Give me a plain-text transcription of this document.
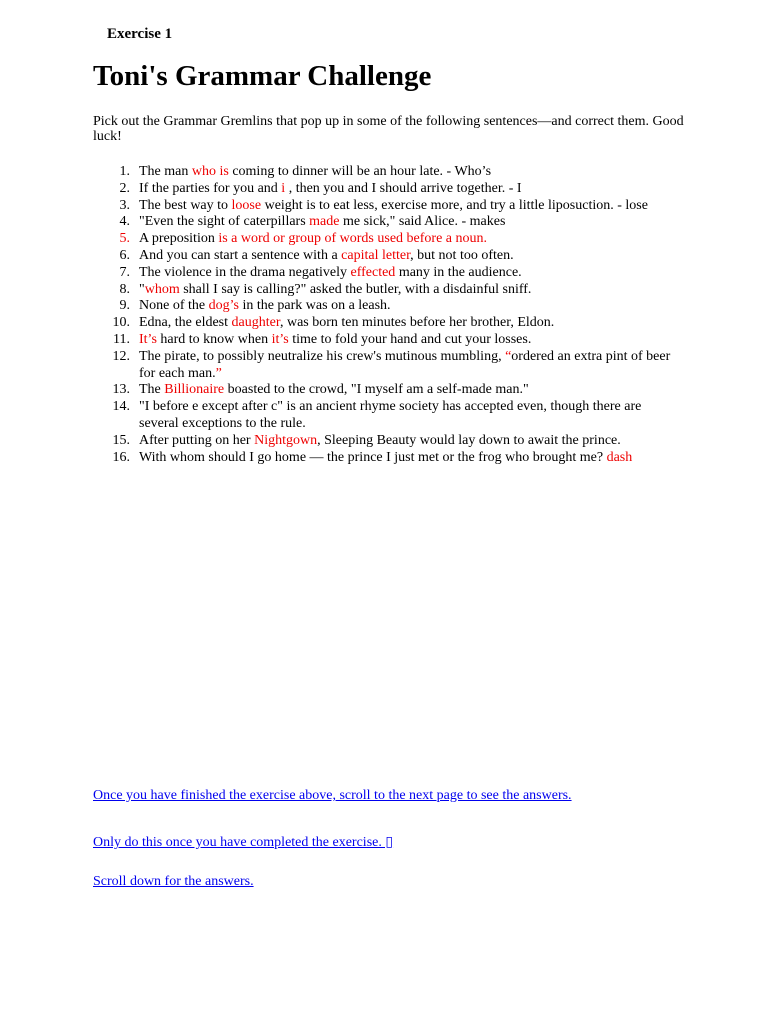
Exercise 1
Toni's Grammar Challenge
Pick out the Grammar Gremlins that pop up in some of the following sentences—and correct them. Good luck!
1. The man who is coming to dinner will be an hour late. - Who’s
2. If the parties for you and i , then you and I should arrive together. - I
3. The best way to loose weight is to eat less, exercise more, and try a little liposuction. - lose
4. "Even the sight of caterpillars made me sick," said Alice. - makes
5. A preposition is a word or group of words used before a noun.
6. And you can start a sentence with a capital letter, but not too often.
7. The violence in the drama negatively effected many in the audience.
8. "whom shall I say is calling?" asked the butler, with a disdainful sniff.
9. None of the dog’s in the park was on a leash.
10. Edna, the eldest daughter, was born ten minutes before her brother, Eldon.
11. It’s hard to know when it’s time to fold your hand and cut your losses.
12. The pirate, to possibly neutralize his crew's mutinous mumbling, “ordered an extra pint of beer for each man.”
13. The Billionaire boasted to the crowd, "I myself am a self-made man."
14. "I before e except after c" is an ancient rhyme society has accepted even, though there are several exceptions to the rule.
15. After putting on her Nightgown, Sleeping Beauty would lay down to await the prince.
16. With whom should I go home — the prince I just met or the frog who brought me? dash
Once you have finished the exercise above, scroll to the next page to see the answers.
Only do this once you have completed the exercise. ▯
Scroll down for the answers.
